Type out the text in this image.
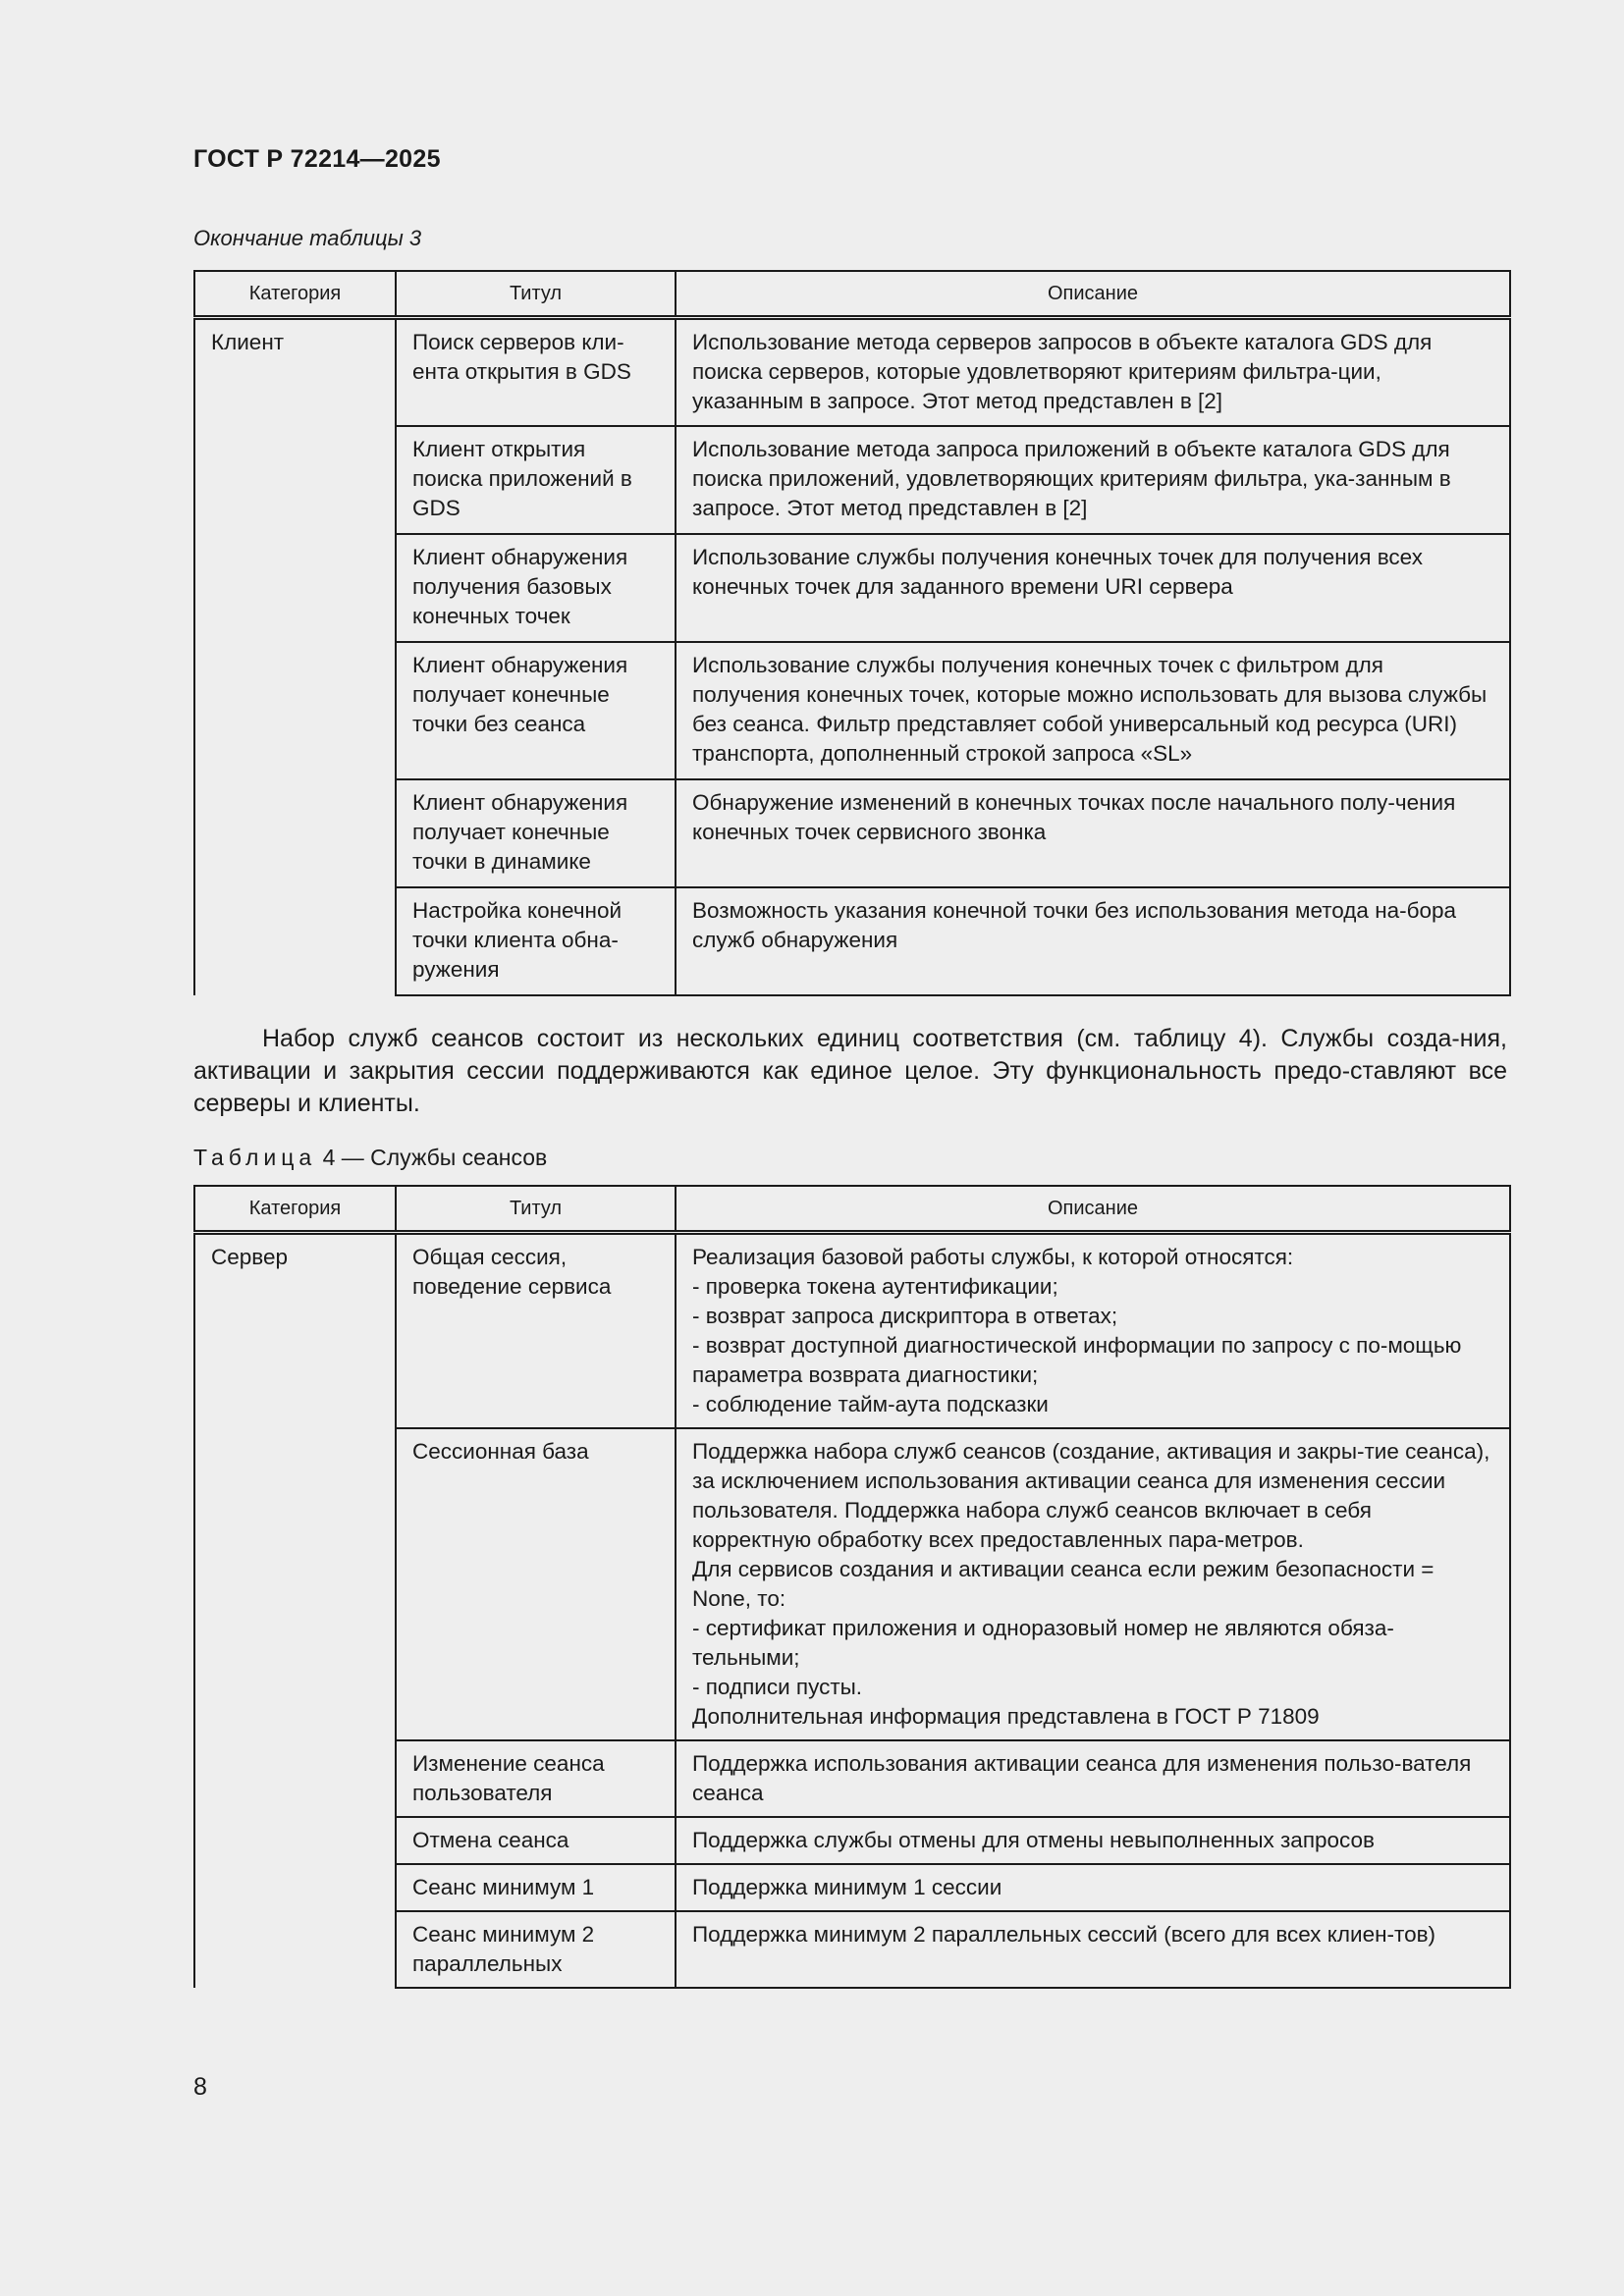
ГОСТ Р 72214—2025
Окончание таблицы 3
Категория	Титул	Описание

Клиент	Поиск серверов кли-ента открытия в GDS	Использование метода серверов запросов в объекте каталога GDS для поиска серверов, которые удовлетворяют критериям фильтра-ции, указанным в запросе. Этот метод представлен в [2]

	Клиент открытия поиска приложений в GDS	Использование метода запроса приложений в объекте каталога GDS для поиска приложений, удовлетворяющих критериям фильтра, ука-занным в запросе. Этот метод представлен в [2]

	Клиент обнаружения получения базовых конечных точек	Использование службы получения конечных точек для получения всех конечных точек для заданного времени URI сервера

	Клиент обнаружения получает конечные точки без сеанса	Использование службы получения конечных точек с фильтром для получения конечных точек, которые можно использовать для вызова службы без сеанса. Фильтр представляет собой универсальный код ресурса (URI) транспорта, дополненный строкой запроса «SL»

	Клиент обнаружения получает конечные точки в динамике	Обнаружение изменений в конечных точках после начального полу-чения конечных точек сервисного звонка

	Настройка конечной точки клиента обна-ружения	Возможность указания конечной точки без использования метода на-бора служб обнаружения
Набор служб сеансов состоит из нескольких единиц соответствия (см. таблицу 4). Службы созда-ния, активации и закрытия сессии поддерживаются как единое целое. Эту функциональность предо-ставляют все серверы и клиенты.
Таблица 4 — Службы сеансов
Категория	Титул	Описание

Сервер	Общая сессия, поведение сервиса	Реализация базовой работы службы, к которой относятся:
- проверка токена аутентификации;
- возврат запроса дискриптора в ответах;
- возврат доступной диагностической информации по запросу с по-мощью параметра возврата диагностики;
- соблюдение тайм-аута подсказки

	Сессионная база	Поддержка набора служб сеансов (создание, активация и закры-тие сеанса), за исключением использования активации сеанса для изменения сессии пользователя. Поддержка набора служб сеансов включает в себя корректную обработку всех предоставленных пара-метров.
Для сервисов создания и активации сеанса если режим безопасности = None, то:
- сертификат приложения и одноразовый номер не являются обяза-тельными;
- подписи пусты.
Дополнительная информация представлена в ГОСТ Р 71809

	Изменение сеанса пользователя	Поддержка использования активации сеанса для изменения пользо-вателя сеанса

	Отмена сеанса	Поддержка службы отмены для отмены невыполненных запросов

	Сеанс минимум 1	Поддержка минимум 1 сессии

	Сеанс минимум 2 параллельных	Поддержка минимум 2 параллельных сессий (всего для всех клиен-тов)
8
